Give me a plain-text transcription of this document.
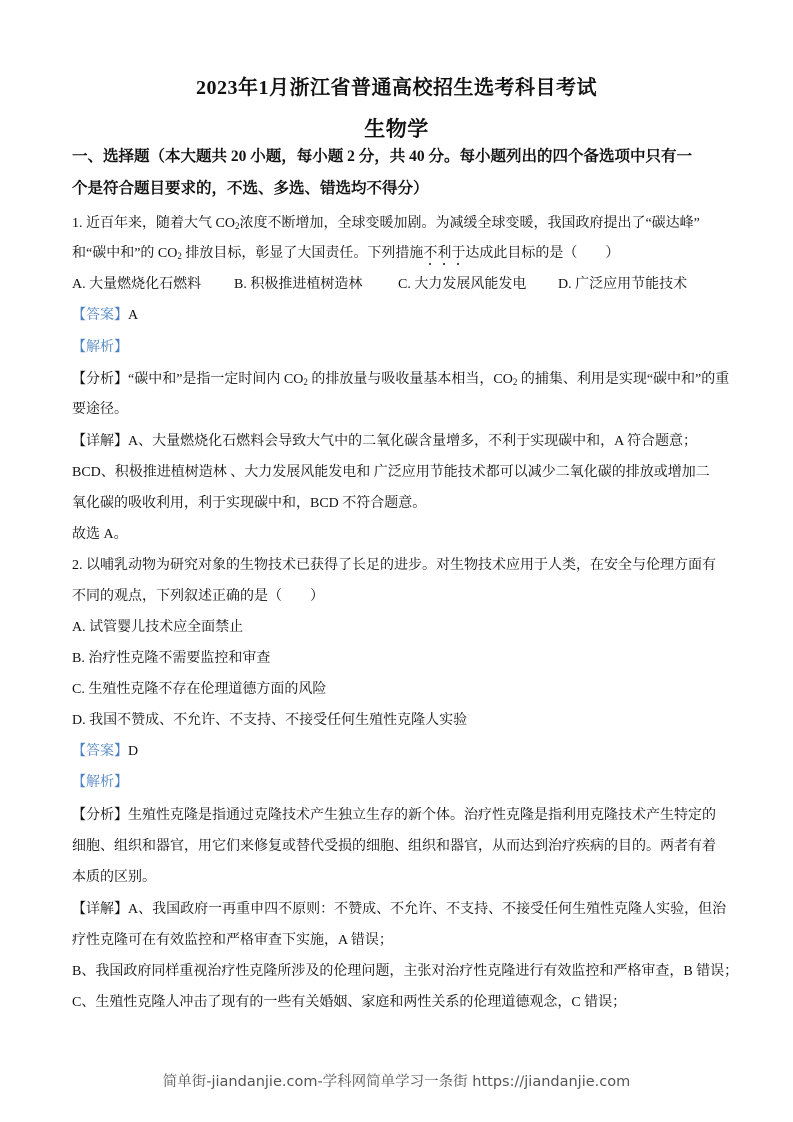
2023年1月浙江省普通高校招生选考科目考试
生物学
一、选择题（本大题共 20 小题，每小题 2 分，共 40 分。每小题列出的四个备选项中只有一
个是符合题目要求的，不选、多选、错选均不得分）
1. 近百年来，随着大气 $CO_2$浓度不断增加，全球变暖加剧。为减缓全球变暖，我国政府提出了“碳达峰”
和“碳中和”的 $CO_2$ 排放目标，彰显了大国责任。下列措施不利于达成此目标的是（　　）
A. 大量燃烧化石燃料 B. 积极推进植树造林	C. 大力发展风能发电 D. 广泛应用节能技术
【答案】A
【解析】
【分析】“碳中和”是指一定时间内 $CO_2$ 的排放量与吸收量基本相当，$CO_2$ 的捕集、利用是实现“碳中和”的重
要途径。
【详解】A、大量燃烧化石燃料会导致大气中的二氧化碳含量增多，不利于实现碳中和，A 符合题意；
BCD、积极推进植树造林 、大力发展风能发电和 广泛应用节能技术都可以减少二氧化碳的排放或增加二
氧化碳的吸收利用，利于实现碳中和，BCD 不符合题意。
故选 A。
2. 以哺乳动物为研究对象的生物技术已获得了长足的进步。对生物技术应用于人类，在安全与伦理方面有
不同的观点，下列叙述正确的是（　　）
A. 试管婴儿技术应全面禁止
B. 治疗性克隆不需要监控和审查
C. 生殖性克隆不存在伦理道德方面的风险
D. 我国不赞成、不允许、不支持、不接受任何生殖性克隆人实验
【答案】D
【解析】
【分析】生殖性克隆是指通过克隆技术产生独立生存的新个体。治疗性克隆是指利用克隆技术产生特定的
细胞、组织和器官，用它们来修复或替代受损的细胞、组织和器官，从而达到治疗疾病的目的。两者有着
本质的区别。
【详解】A、我国政府一再重申四不原则：不赞成、不允许、不支持、不接受任何生殖性克隆人实验，但治
疗性克隆可在有效监控和严格审查下实施，A 错误；
B、我国政府同样重视治疗性克隆所涉及的伦理问题，主张对治疗性克隆进行有效监控和严格审查，B 错误；
C、生殖性克隆人冲击了现有的一些有关婚姻、家庭和两性关系的伦理道德观念，C 错误；
简单街-jiandanjie.com-学科网简单学习一条街 https://jiandanjie.com
